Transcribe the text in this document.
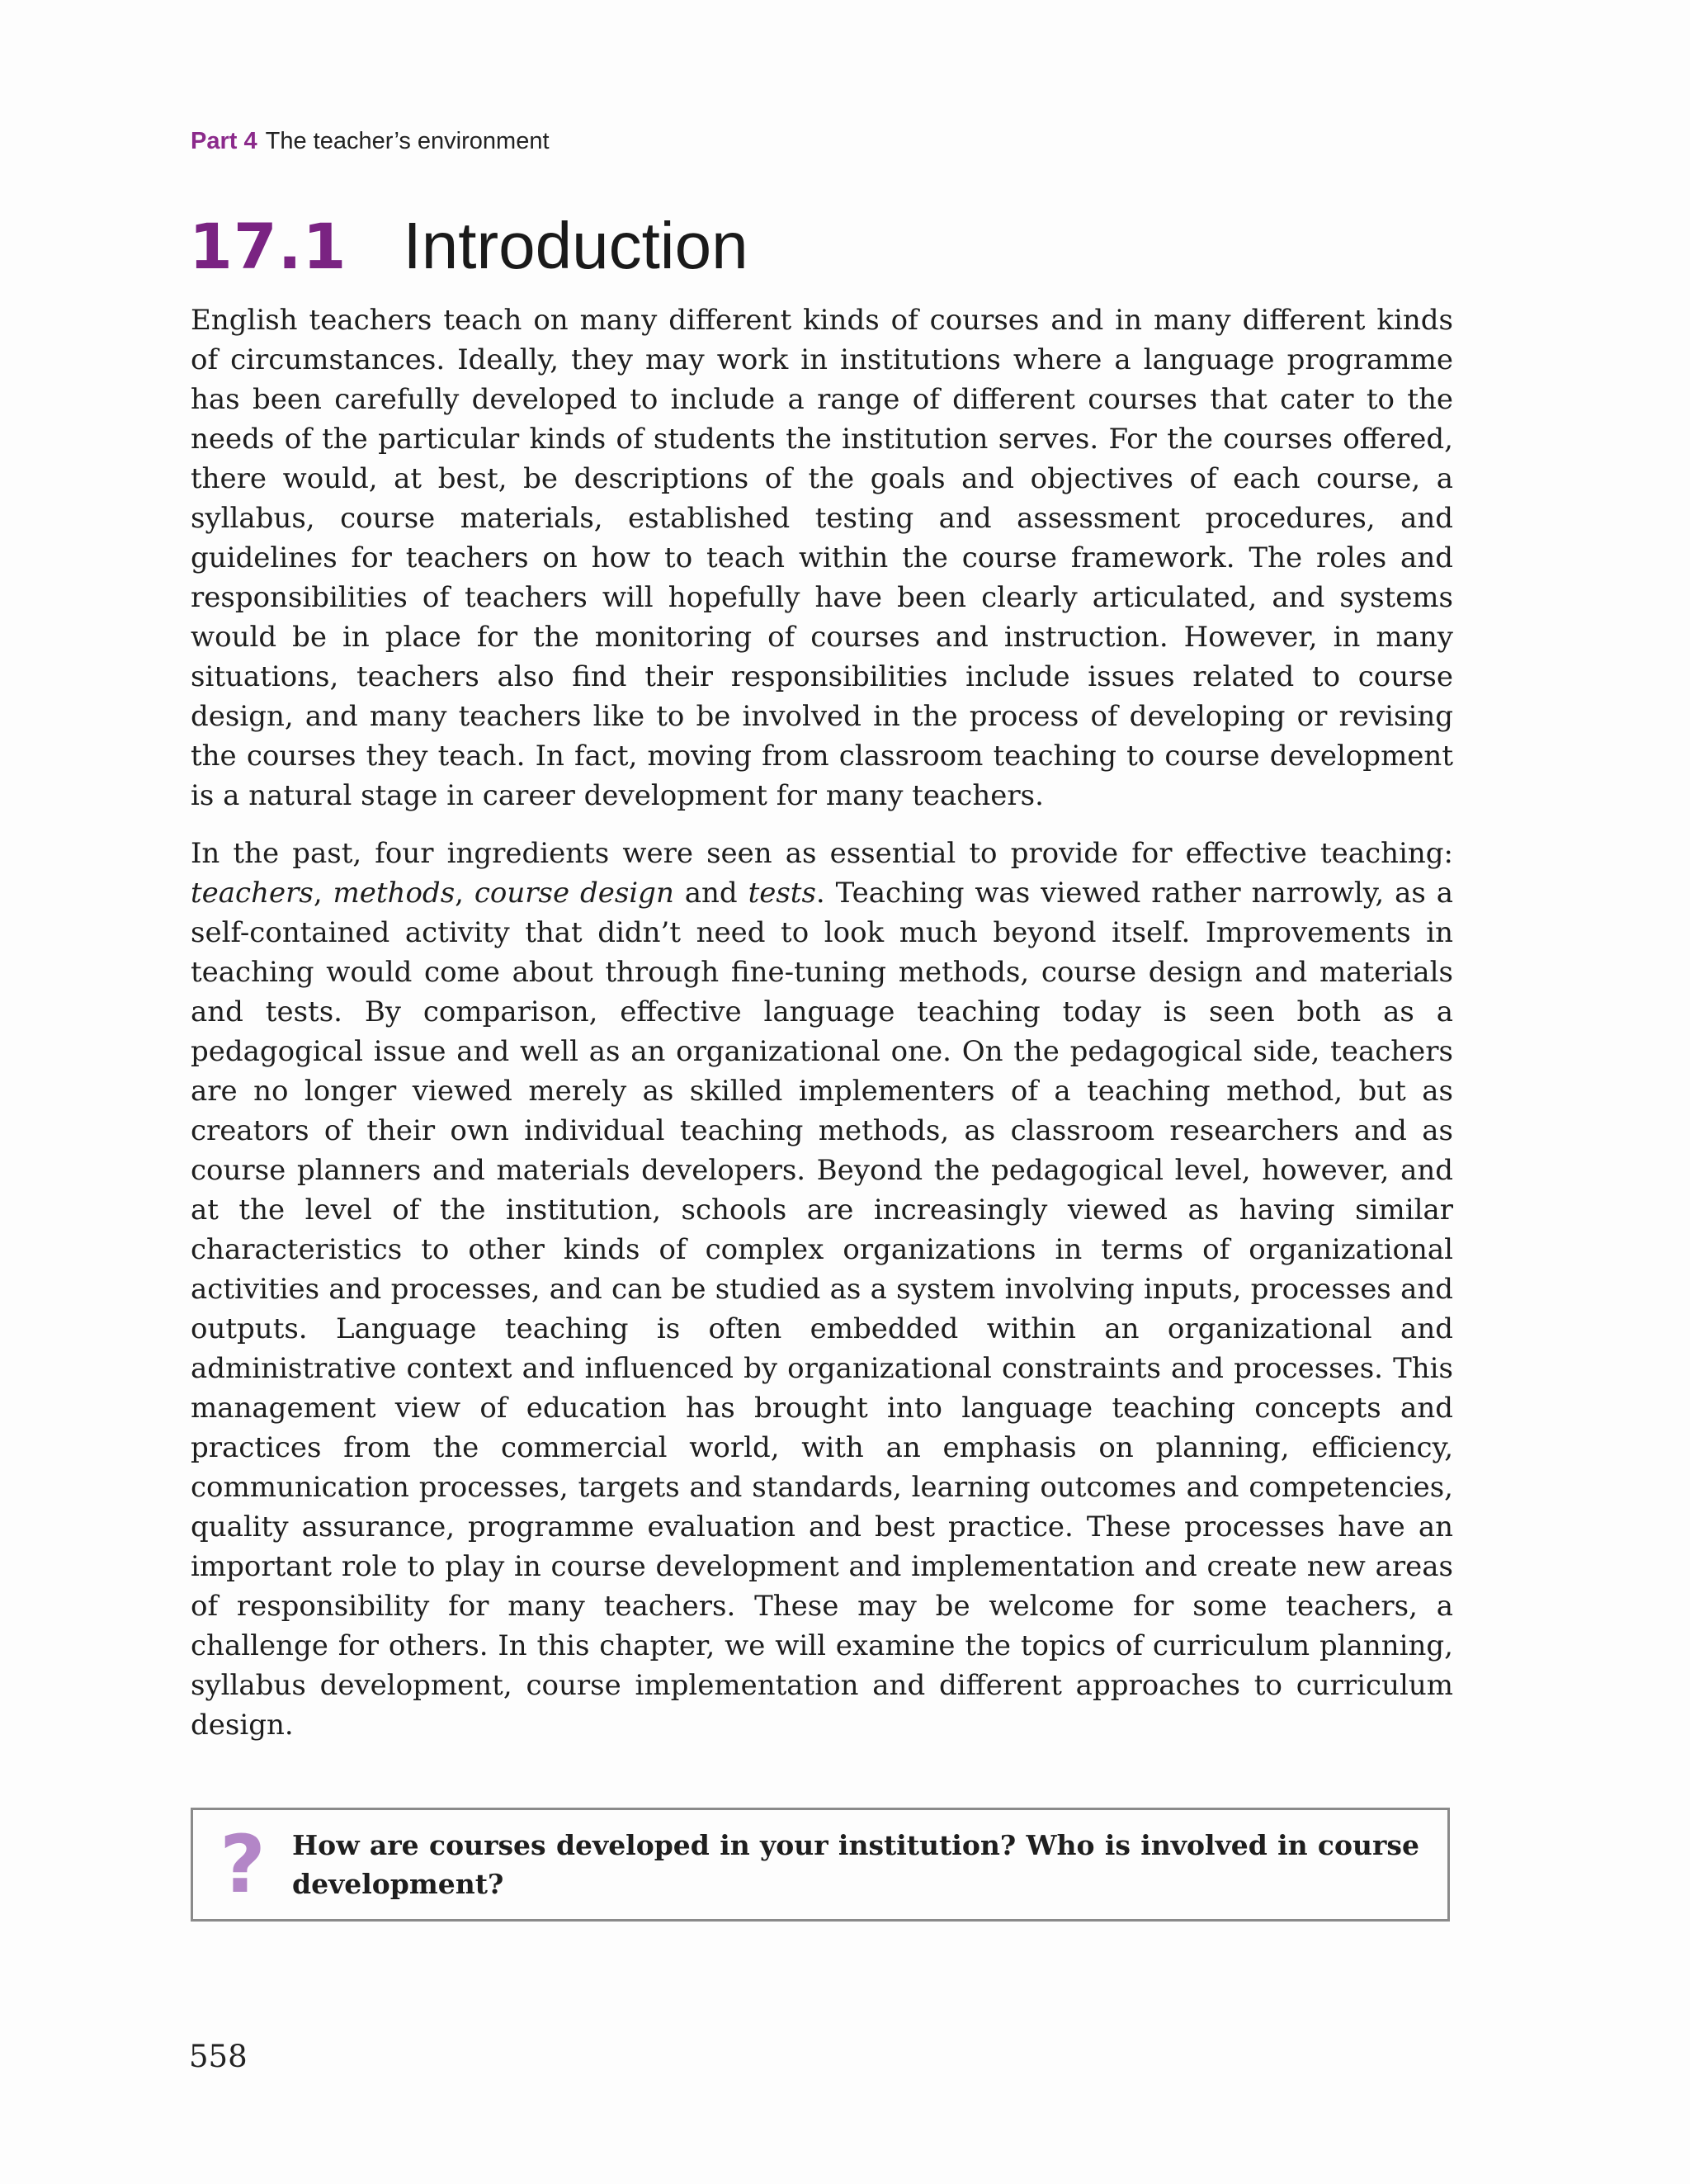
Part 4 The teacher’s environment
17.1 Introduction

English teachers teach on many different kinds of courses and in many different kinds of circumstances. Ideally, they may work in institutions where a language programme has been carefully developed to include a range of different courses that cater to the needs of the particular kinds of students the institution serves. For the courses offered, there would, at best, be descriptions of the goals and objectives of each course, a syllabus, course materials, established testing and assessment procedures, and guidelines for teachers on how to teach within the course framework. The roles and responsibilities of teachers will hopefully have been clearly articulated, and systems would be in place for the monitoring of courses and instruction. However, in many situations, teachers also find their responsibilities include issues related to course design, and many teachers like to be involved in the process of developing or revising the courses they teach. In fact, moving from classroom teaching to course development is a natural stage in career development for many teachers.

In the past, four ingredients were seen as essential to provide for effective teaching: teachers, methods, course design and tests. Teaching was viewed rather narrowly, as a self-contained activity that didn’t need to look much beyond itself. Improvements in teaching would come about through fine-tuning methods, course design and materials and tests. By comparison, effective language teaching today is seen both as a pedagogical issue and well as an organizational one. On the pedagogical side, teachers are no longer viewed merely as skilled implementers of a teaching method, but as creators of their own individual teaching methods, as classroom researchers and as course planners and materials developers. Beyond the pedagogical level, however, and at the level of the institution, schools are increasingly viewed as having similar characteristics to other kinds of complex organizations in terms of organizational activities and processes, and can be studied as a system involving inputs, processes and outputs. Language teaching is often embedded within an organizational and administrative context and influenced by organizational constraints and processes. This management view of education has brought into language teaching concepts and practices from the commercial world, with an emphasis on planning, efficiency, communication processes, targets and standards, learning outcomes and competencies, quality assurance, programme evaluation and best practice. These processes have an important role to play in course development and implementation and create new areas of responsibility for many teachers. These may be welcome for some teachers, a challenge for others. In this chapter, we will examine the topics of curriculum planning, syllabus development, course implementation and different approaches to curriculum design.

? How are courses developed in your institution? Who is involved in course development?
558
